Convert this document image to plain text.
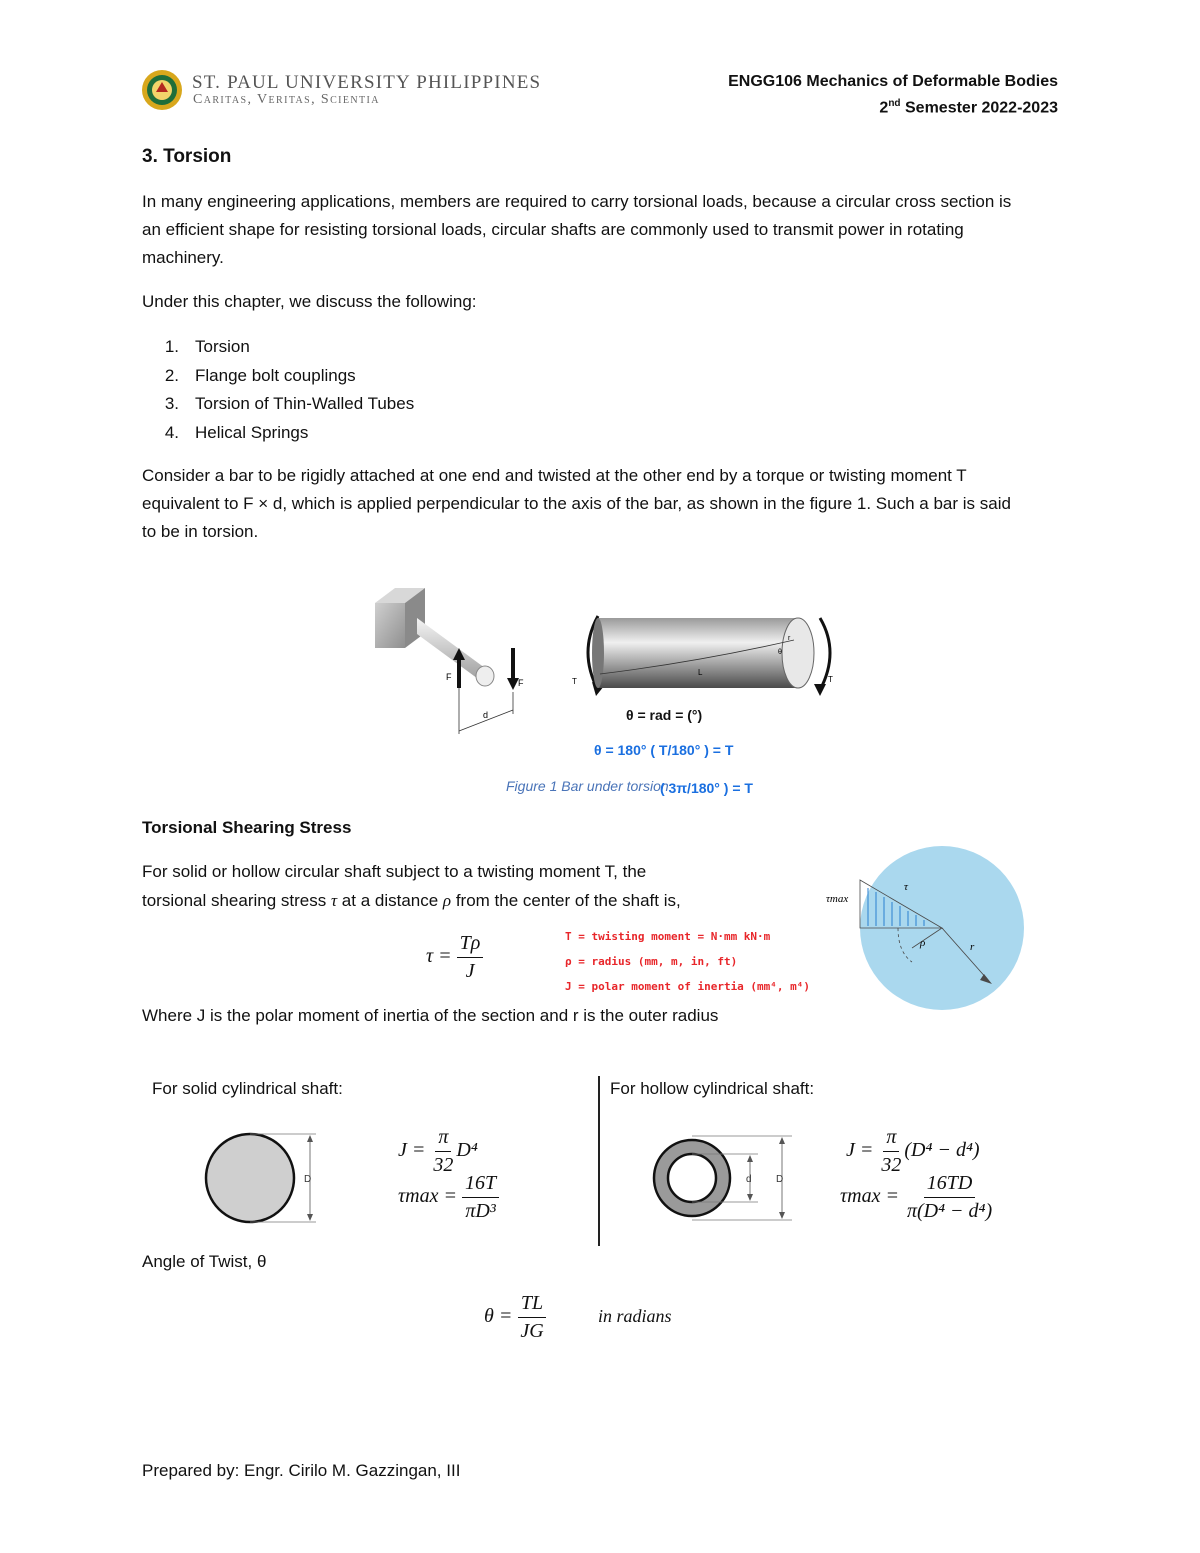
ST. PAUL UNIVERSITY PHILIPPINES
Caritas, Veritas, Scientia
ENGG106 Mechanics of Deformable Bodies
2nd Semester 2022-2023
3. Torsion
In many engineering applications, members are required to carry torsional loads, because a circular cross section is an efficient shape for resisting torsional loads, circular shafts are commonly used to transmit power in rotating machinery.
Under this chapter, we discuss the following:
1. Torsion
2. Flange bolt couplings
3. Torsion of Thin-Walled Tubes
4. Helical Springs
Consider a bar to be rigidly attached at one end and twisted at the other end by a torque or twisting moment T equivalent to F × d, which is applied perpendicular to the axis of the bar, as shown in the figure 1. Such a bar is said to be in torsion.
F
F
d
T	T
L
r
θ
θ = rad = (°)
θ = 180° ( T/180° ) = T
Figure 1 Bar under torsion
( 3π/180° ) = T
Torsional Shearing Stress
For solid or hollow circular shaft subject to a twisting moment T, the
torsional shearing stress τ at a distance ρ from the center of the shaft is,
$\tau = \frac{T\rho}{J}$	T = twisting moment = N·mm kN·m
ρ = radius (mm, m, in, ft)
J = polar moment of inertia (mm⁴, m⁴)
τmax
τ
ρ	r
Where J is the polar moment of inertia of the section and r is the outer radius
For solid cylindrical shaft:
D
$J = \frac{\pi}{32} D^4$
$\tau\max = \frac{16T}{\text{πD³}}$
For hollow cylindrical shaft:
d D
$J = \frac{\pi}{32} (D^4 - d^4)$
$\tau\max = \frac{16TD}{\text{π(D⁴ − d⁴)}}$
Angle of Twist, θ
$\theta = \frac{TL}{JG}$	in radians
Prepared by: Engr. Cirilo M. Gazzingan, III
